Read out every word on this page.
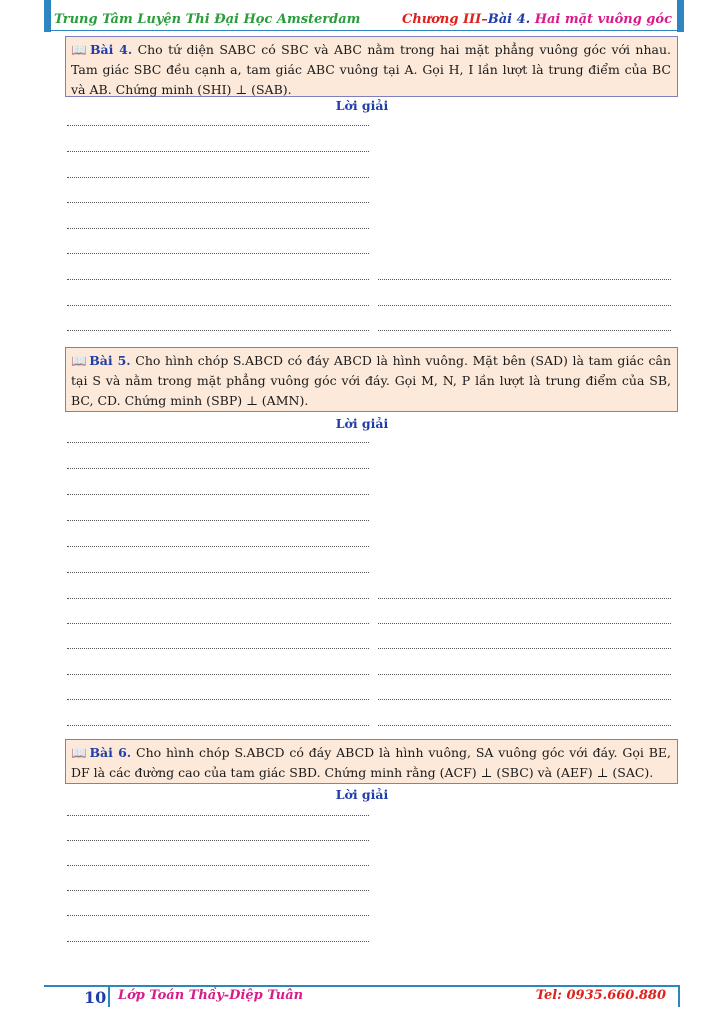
Trung Tâm Luyện Thi Đại Học Amsterdam	Chương III–Bài 4. Hai mặt vuông góc
📖 Bài 4. Cho tứ diện SABC có SBC và ABC nằm trong hai mặt phẳng vuông góc với nhau. Tam giác SBC đều cạnh a, tam giác ABC vuông tại A. Gọi H, I lần lượt là trung điểm của BC và AB. Chứng minh (SHI) ⊥ (SAB).
Lời giải
📖 Bài 5. Cho hình chóp S.ABCD có đáy ABCD là hình vuông. Mặt bên (SAD) là tam giác cân tại S và nằm trong mặt phẳng vuông góc với đáy. Gọi M, N, P lần lượt là trung điểm của SB, BC, CD. Chứng minh (SBP) ⊥ (AMN).
Lời giải
📖 Bài 6. Cho hình chóp S.ABCD có đáy ABCD là hình vuông, SA vuông góc với đáy. Gọi BE, DF là các đường cao của tam giác SBD. Chứng minh rằng (ACF) ⊥ (SBC) và (AEF) ⊥ (SAC).
Lời giải
10 Lớp Toán Thầy-Diệp Tuân	Tel: 0935.660.880
